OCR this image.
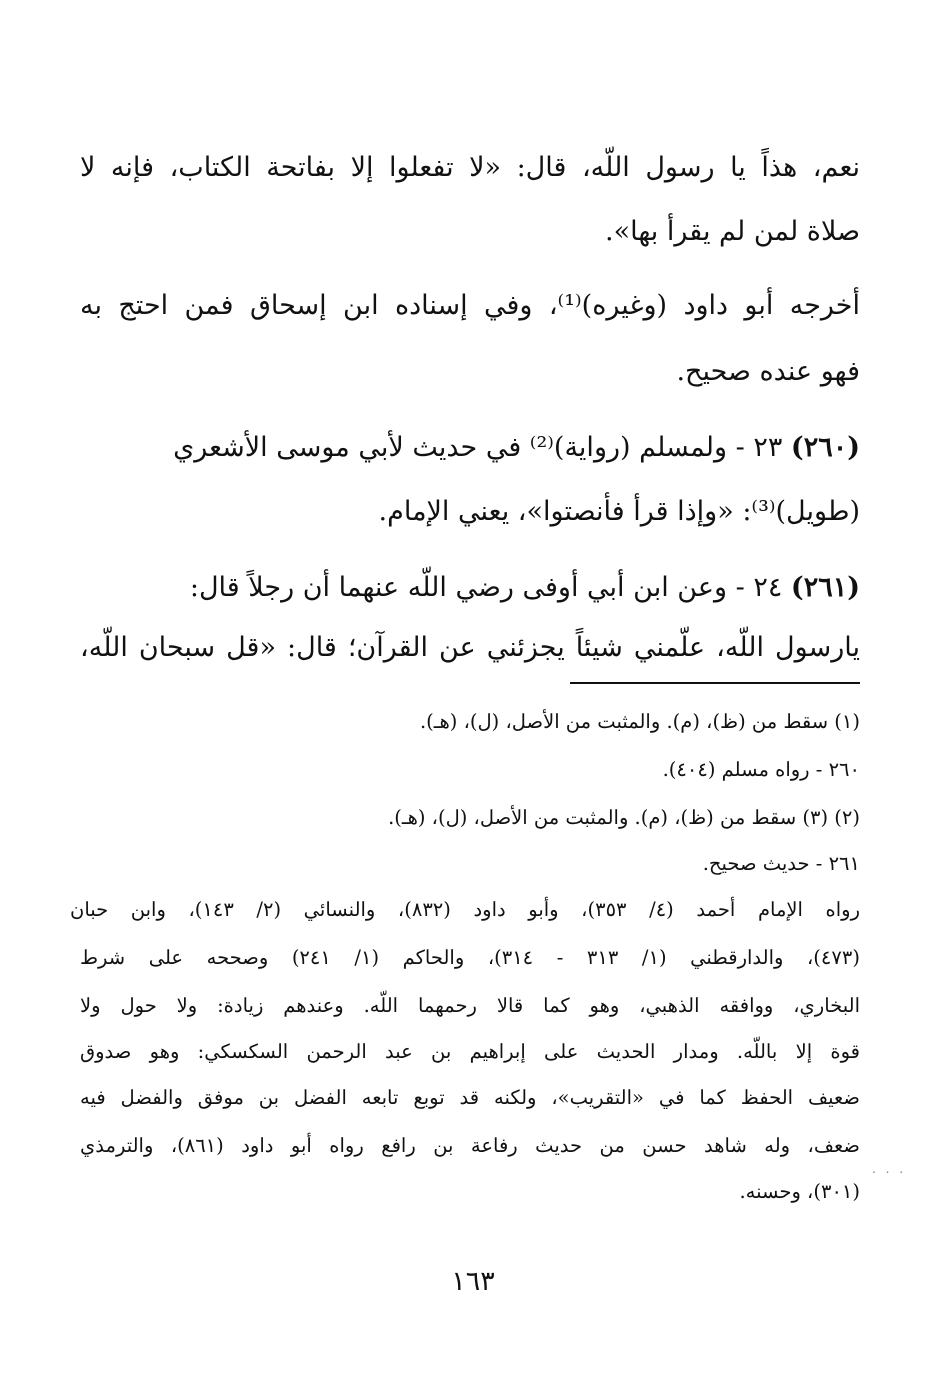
نعم، هذاً يا رسول اللّه، قال: «لا تفعلوا إلا بفاتحة الكتاب، فإنه لا
صلاة لمن لم يقرأ بها».
أخرجه أبو داود (وغيره)⁽¹⁾، وفي إسناده ابن إسحاق فمن احتج به
فهو عنده صحيح.
(٢٦٠) ٢٣ - ولمسلم (رواية)⁽²⁾ في حديث لأبي موسى الأشعري
(طويل)⁽³⁾: «وإذا قرأ فأنصتوا»، يعني الإمام.
(٢٦١) ٢٤ - وعن ابن أبي أوفى رضي اللّه عنهما أن رجلاً قال:
يارسول اللّه، علّمني شيئاً يجزئني عن القرآن؛ قال: «قل سبحان اللّه،
(١) سقط من (ظ)، (م). والمثبت من الأصل، (ل)، (هـ).
٢٦٠ - رواه مسلم (٤٠٤).
(٢) (٣) سقط من (ظ)، (م). والمثبت من الأصل، (ل)، (هـ).
٢٦١ - حديث صحيح.
رواه الإمام أحمد (٤/ ٣٥٣)، وأبو داود (٨٣٢)، والنسائي (٢/ ١٤٣)، وابن حبان
(٤٧٣)، والدارقطني (١/ ٣١٣ - ٣١٤)، والحاكم (١/ ٢٤١) وصححه على شرط
البخاري، ووافقه الذهبي، وهو كما قالا رحمهما اللّه. وعندهم زيادة: ولا حول ولا
قوة إلا باللّه. ومدار الحديث على إبراهيم بن عبد الرحمن السكسكي: وهو صدوق
ضعيف الحفظ كما في «التقريب»، ولكنه قد توبع تابعه الفضل بن موفق والفضل فيه
ضعف، وله شاهد حسن من حديث رفاعة بن رافع رواه أبو داود (٨٦١)، والترمذي
(٣٠١)، وحسنه.
. . .
١٦٣
